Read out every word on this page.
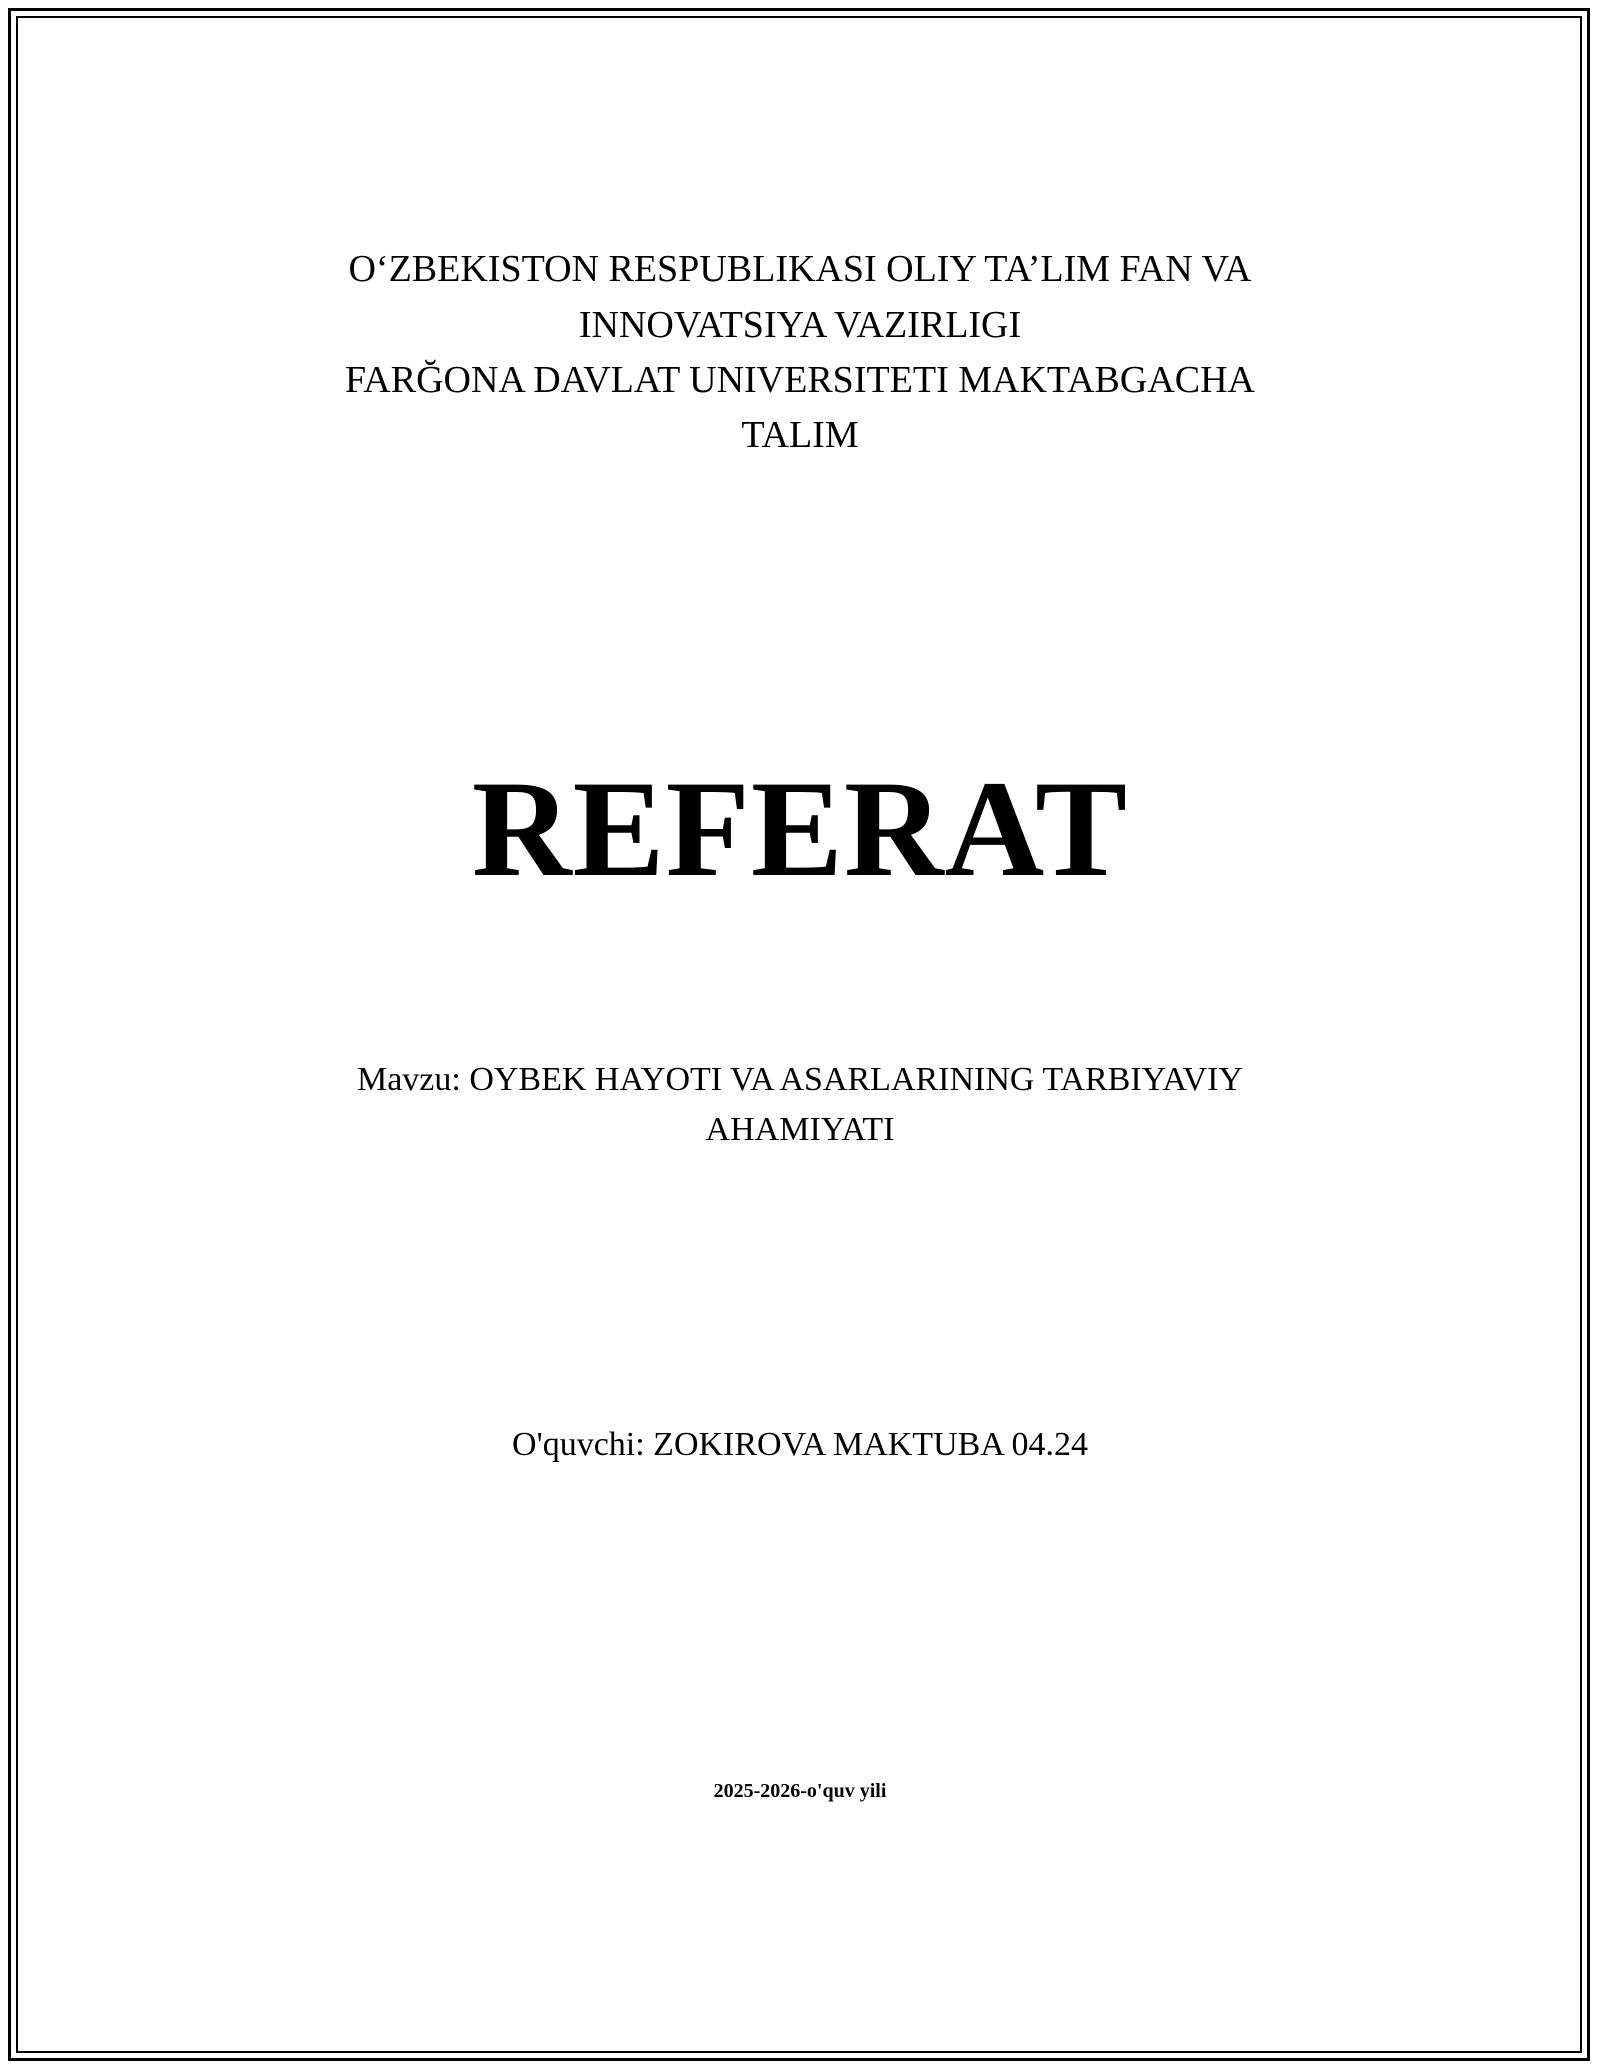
O‘ZBEKISTON RESPUBLIKASI OLIY TA’LIM FAN VA
INNOVATSIYA VAZIRLIGI
FARĞONA DAVLAT UNIVERSITETI MAKTABGACHA
TALIM
REFERAT
Mavzu: OYBEK HAYOTI VA ASARLARINING TARBIYAVIY
AHAMIYATI
O'quvchi: ZOKIROVA MAKTUBA 04.24
2025-2026-o'quv yili
